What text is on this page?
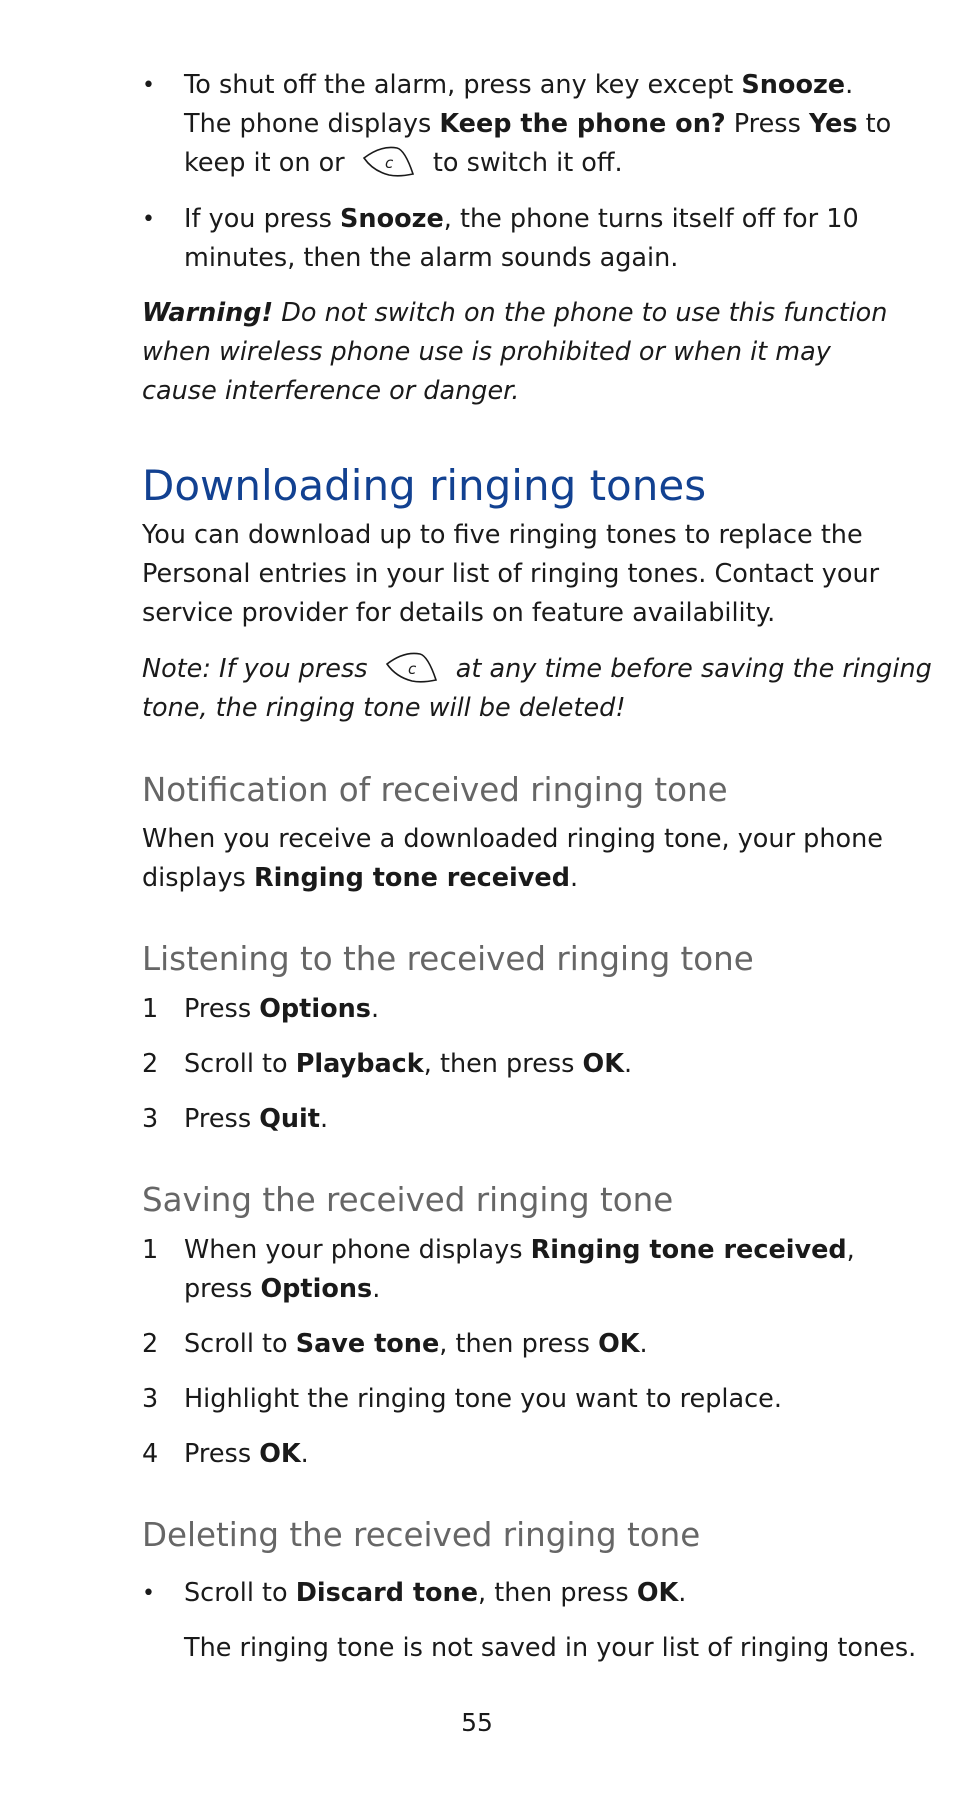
•	To shut off the alarm, press any key except Snooze. The phone displays Keep the phone on? Press Yes to keep it on or c to switch it off.
•	If you press Snooze, the phone turns itself off for 10 minutes, then the alarm sounds again.
Warning! Do not switch on the phone to use this function when wireless phone use is prohibited or when it may cause interference or danger.
Downloading ringing tones
You can download up to five ringing tones to replace the Personal entries in your list of ringing tones. Contact your service provider for details on feature availability.
Note: If you press c at any time before saving the ringing tone, the ringing tone will be deleted!
Notification of received ringing tone
When you receive a downloaded ringing tone, your phone displays Ringing tone received.
Listening to the received ringing tone
1	Press Options.
2	Scroll to Playback, then press OK.
3	Press Quit.
Saving the received ringing tone
1	When your phone displays Ringing tone received, press Options.
2	Scroll to Save tone, then press OK.
3	Highlight the ringing tone you want to replace.
4	Press OK.
Deleting the received ringing tone
•	Scroll to Discard tone, then press OK.
The ringing tone is not saved in your list of ringing tones.
55
